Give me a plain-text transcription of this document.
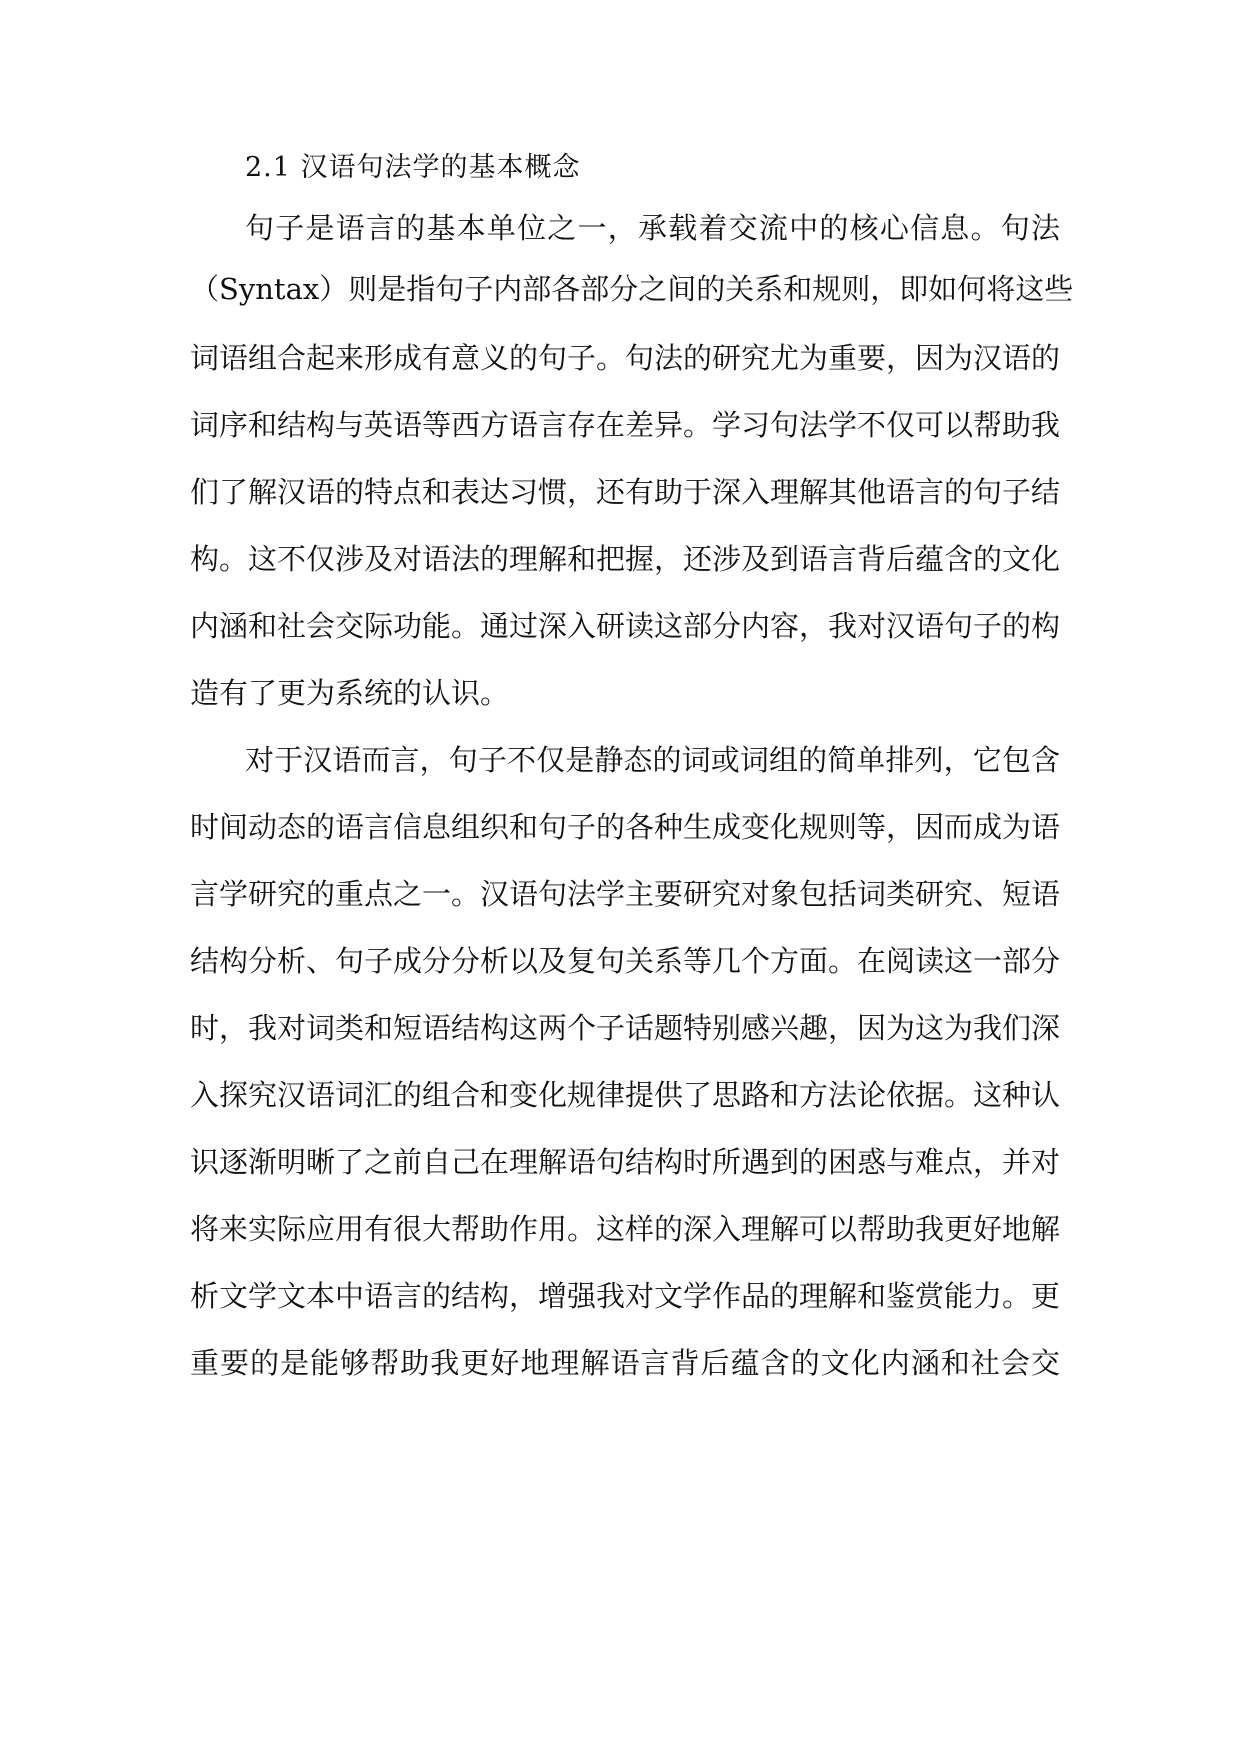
2.1 汉语句法学的基本概念
句子是语言的基本单位之一，承载着交流中的核心信息。句法
（Syntax）则是指句子内部各部分之间的关系和规则，即如何将这些
词语组合起来形成有意义的句子。句法的研究尤为重要，因为汉语的
词序和结构与英语等西方语言存在差异。学习句法学不仅可以帮助我
们了解汉语的特点和表达习惯，还有助于深入理解其他语言的句子结
构。这不仅涉及对语法的理解和把握，还涉及到语言背后蕴含的文化
内涵和社会交际功能。通过深入研读这部分内容，我对汉语句子的构
造有了更为系统的认识。
对于汉语而言，句子不仅是静态的词或词组的简单排列，它包含
时间动态的语言信息组织和句子的各种生成变化规则等，因而成为语
言学研究的重点之一。汉语句法学主要研究对象包括词类研究、短语
结构分析、句子成分分析以及复句关系等几个方面。在阅读这一部分
时，我对词类和短语结构这两个子话题特别感兴趣，因为这为我们深
入探究汉语词汇的组合和变化规律提供了思路和方法论依据。这种认
识逐渐明晰了之前自己在理解语句结构时所遇到的困惑与难点，并对
将来实际应用有很大帮助作用。这样的深入理解可以帮助我更好地解
析文学文本中语言的结构，增强我对文学作品的理解和鉴赏能力。更
重要的是能够帮助我更好地理解语言背后蕴含的文化内涵和社会交
